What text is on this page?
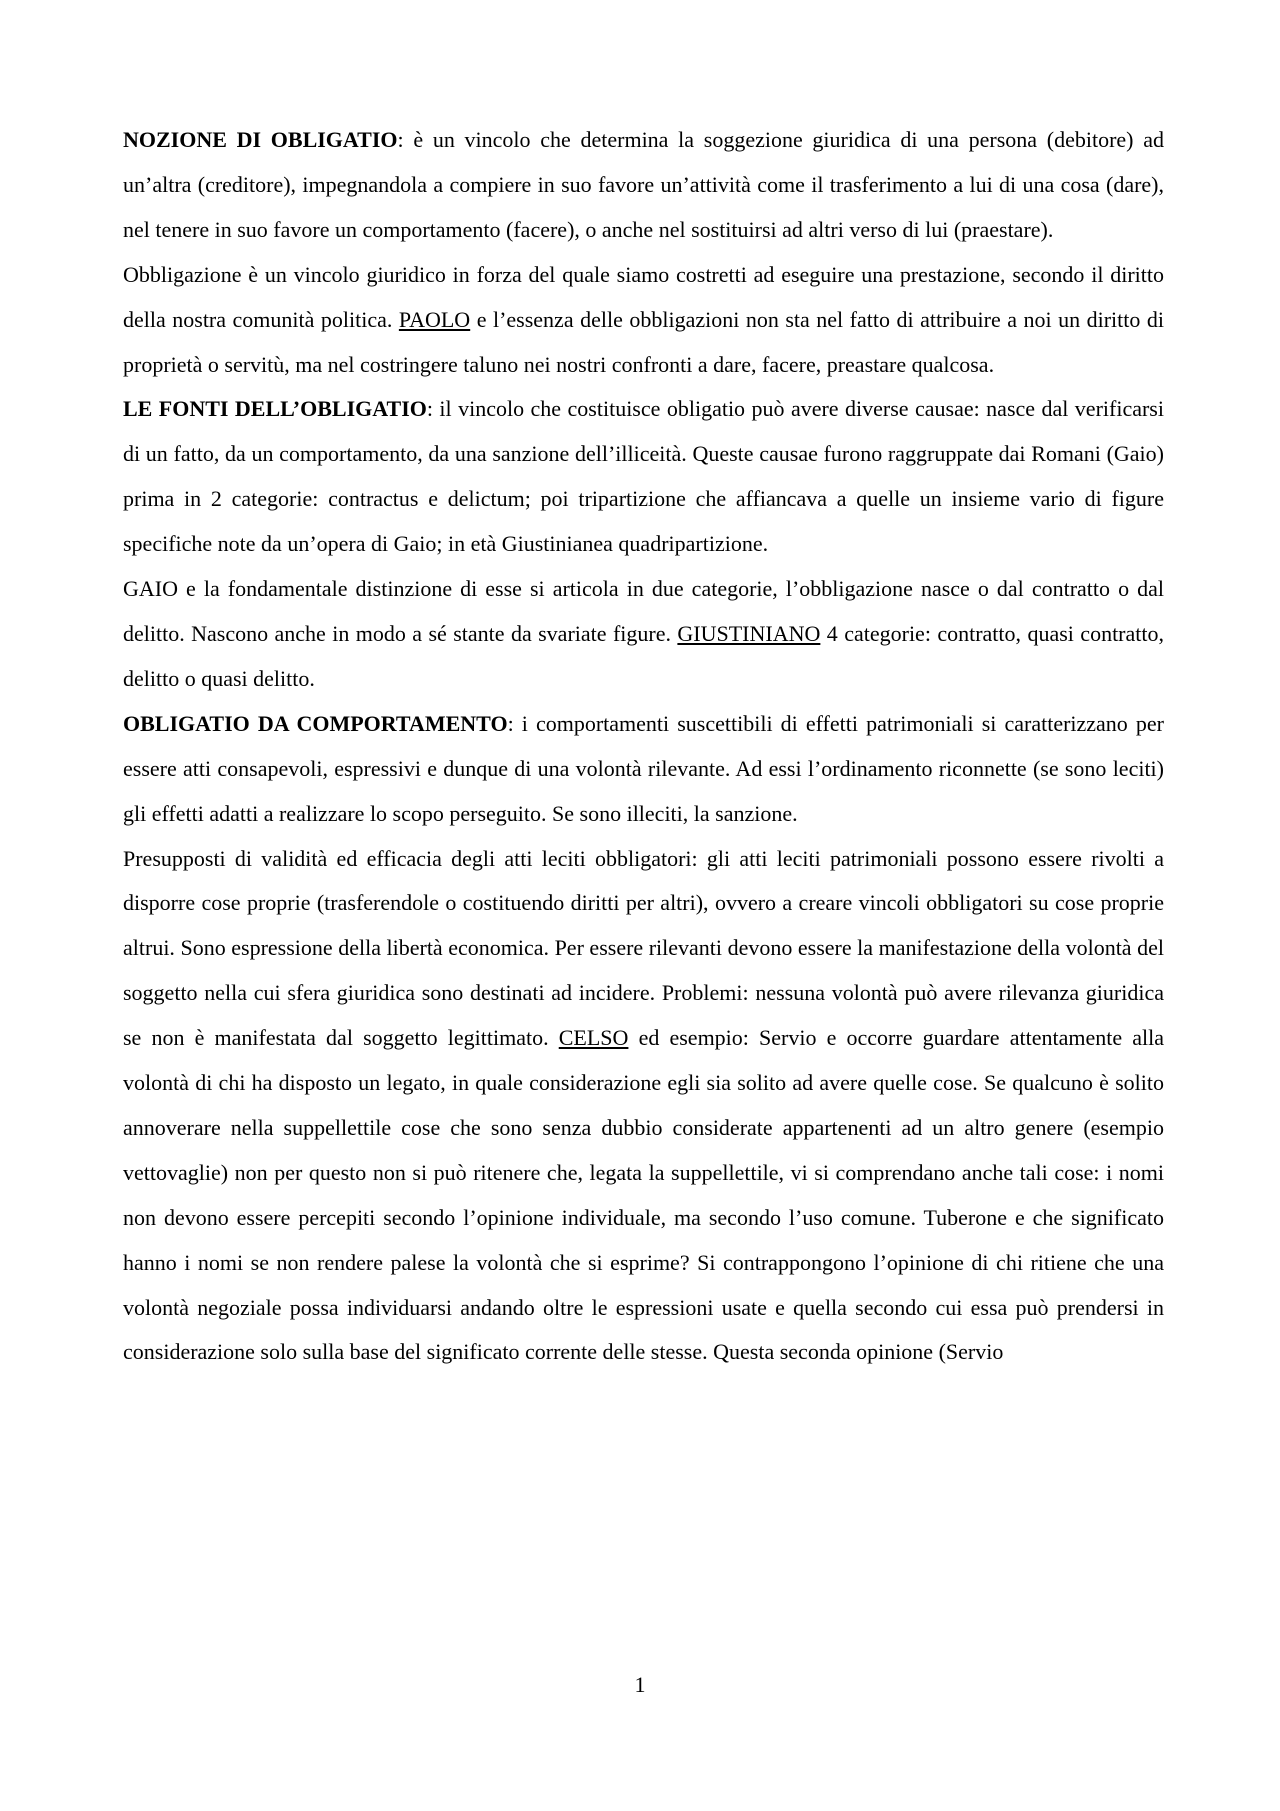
NOZIONE DI OBLIGATIO: è un vincolo che determina la soggezione giuridica di una persona (debitore) ad un’altra (creditore), impegnandola a compiere in suo favore un’attività come il trasferimento a lui di una cosa (dare), nel tenere in suo favore un comportamento (facere), o anche nel sostituirsi ad altri verso di lui (praestare).

Obbligazione è un vincolo giuridico in forza del quale siamo costretti ad eseguire una prestazione, secondo il diritto della nostra comunità politica. PAOLO e l’essenza delle obbligazioni non sta nel fatto di attribuire a noi un diritto di proprietà o servitù, ma nel costringere taluno nei nostri confronti a dare, facere, preastare qualcosa.

LE FONTI DELL’OBLIGATIO: il vincolo che costituisce obligatio può avere diverse causae: nasce dal verificarsi di un fatto, da un comportamento, da una sanzione dell’illiceità. Queste causae furono raggruppate dai Romani (Gaio) prima in 2 categorie: contractus e delictum; poi tripartizione che affiancava a quelle un insieme vario di figure specifiche note da un’opera di Gaio; in età Giustinianea quadripartizione.

GAIO e la fondamentale distinzione di esse si articola in due categorie, l’obbligazione nasce o dal contratto o dal delitto. Nascono anche in modo a sé stante da svariate figure. GIUSTINIANO 4 categorie: contratto, quasi contratto, delitto o quasi delitto.

OBLIGATIO DA COMPORTAMENTO: i comportamenti suscettibili di effetti patrimoniali si caratterizzano per essere atti consapevoli, espressivi e dunque di una volontà rilevante. Ad essi l’ordinamento riconnette (se sono leciti) gli effetti adatti a realizzare lo scopo perseguito. Se sono illeciti, la sanzione.

Presupposti di validità ed efficacia degli atti leciti obbligatori: gli atti leciti patrimoniali possono essere rivolti a disporre cose proprie (trasferendole o costituendo diritti per altri), ovvero a creare vincoli obbligatori su cose proprie altrui. Sono espressione della libertà economica. Per essere rilevanti devono essere la manifestazione della volontà del soggetto nella cui sfera giuridica sono destinati ad incidere. Problemi: nessuna volontà può avere rilevanza giuridica se non è manifestata dal soggetto legittimato. CELSO ed esempio: Servio e occorre guardare attentamente alla volontà di chi ha disposto un legato, in quale considerazione egli sia solito ad avere quelle cose. Se qualcuno è solito annoverare nella suppellettile cose che sono senza dubbio considerate appartenenti ad un altro genere (esempio vettovaglie) non per questo non si può ritenere che, legata la suppellettile, vi si comprendano anche tali cose: i nomi non devono essere percepiti secondo l’opinione individuale, ma secondo l’uso comune. Tuberone e che significato hanno i nomi se non rendere palese la volontà che si esprime? Si contrappongono l’opinione di chi ritiene che una volontà negoziale possa individuarsi andando oltre le espressioni usate e quella secondo cui essa può prendersi in considerazione solo sulla base del significato corrente delle stesse. Questa seconda opinione (Servio

1
